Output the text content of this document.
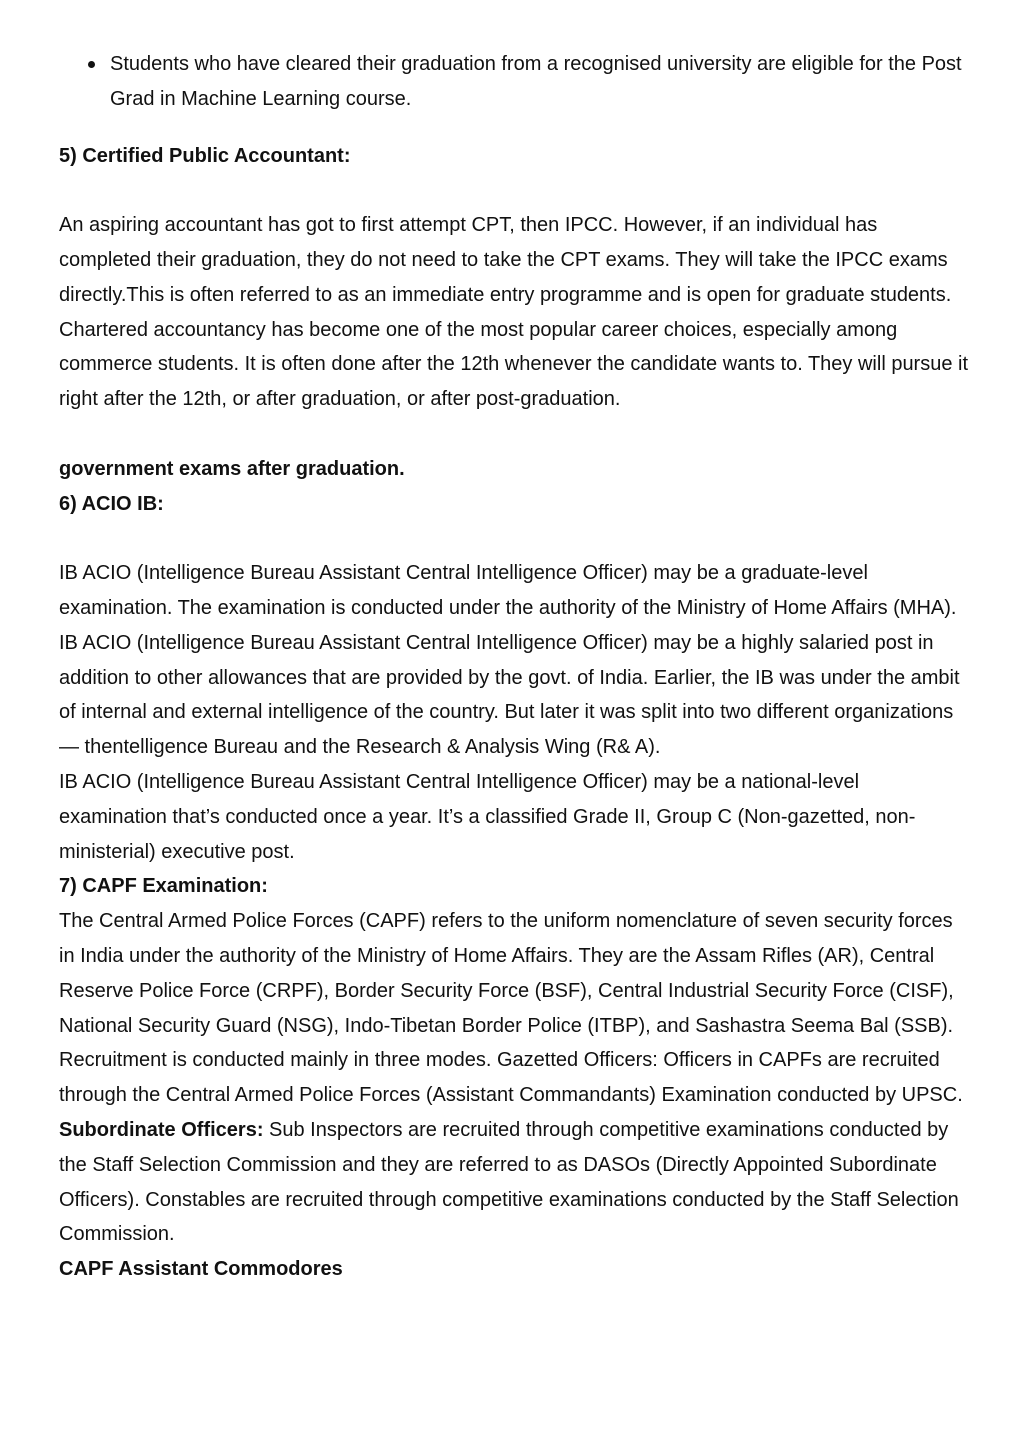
Students who have cleared their graduation from a recognised university are eligible for the Post Grad in Machine Learning course.

5) Certified Public Accountant:

An aspiring accountant has got to first attempt CPT, then IPCC. However, if an individual has completed their graduation, they do not need to take the CPT exams. They will take the IPCC exams directly.This is often referred to as an immediate entry programme and is open for graduate students.

Chartered accountancy has become one of the most popular career choices, especially among commerce students. It is often done after the 12th whenever the candidate wants to. They will pursue it right after the 12th, or after graduation, or after post-graduation.

government exams after graduation.

6) ACIO IB:

IB ACIO (Intelligence Bureau Assistant Central Intelligence Officer) may be a graduate-level examination. The examination is conducted under the authority of the Ministry of Home Affairs (MHA). IB ACIO (Intelligence Bureau Assistant Central Intelligence Officer) may be a highly salaried post in addition to other allowances that are provided by the govt. of India. Earlier, the IB was under the ambit of internal and external intelligence of the country. But later it was split into two different organizations — thentelligence Bureau and the Research & Analysis Wing (R& A).

IB ACIO (Intelligence Bureau Assistant Central Intelligence Officer) may be a national-level examination that’s conducted once a year. It’s a classified Grade II, Group C (Non-gazetted, non-ministerial) executive post.

7) CAPF Examination:

The Central Armed Police Forces (CAPF) refers to the uniform nomenclature of seven security forces in India under the authority of the Ministry of Home Affairs. They are the Assam Rifles (AR), Central Reserve Police Force (CRPF), Border Security Force (BSF), Central Industrial Security Force (CISF), National Security Guard (NSG), Indo-Tibetan Border Police (ITBP), and Sashastra Seema Bal (SSB). Recruitment is conducted mainly in three modes. Gazetted Officers: Officers in CAPFs are recruited through the Central Armed Police Forces (Assistant Commandants) Examination conducted by UPSC.

Subordinate Officers: Sub Inspectors are recruited through competitive examinations conducted by the Staff Selection Commission and they are referred to as DASOs (Directly Appointed Subordinate Officers). Constables are recruited through competitive examinations conducted by the Staff Selection Commission.

CAPF Assistant Commodores
